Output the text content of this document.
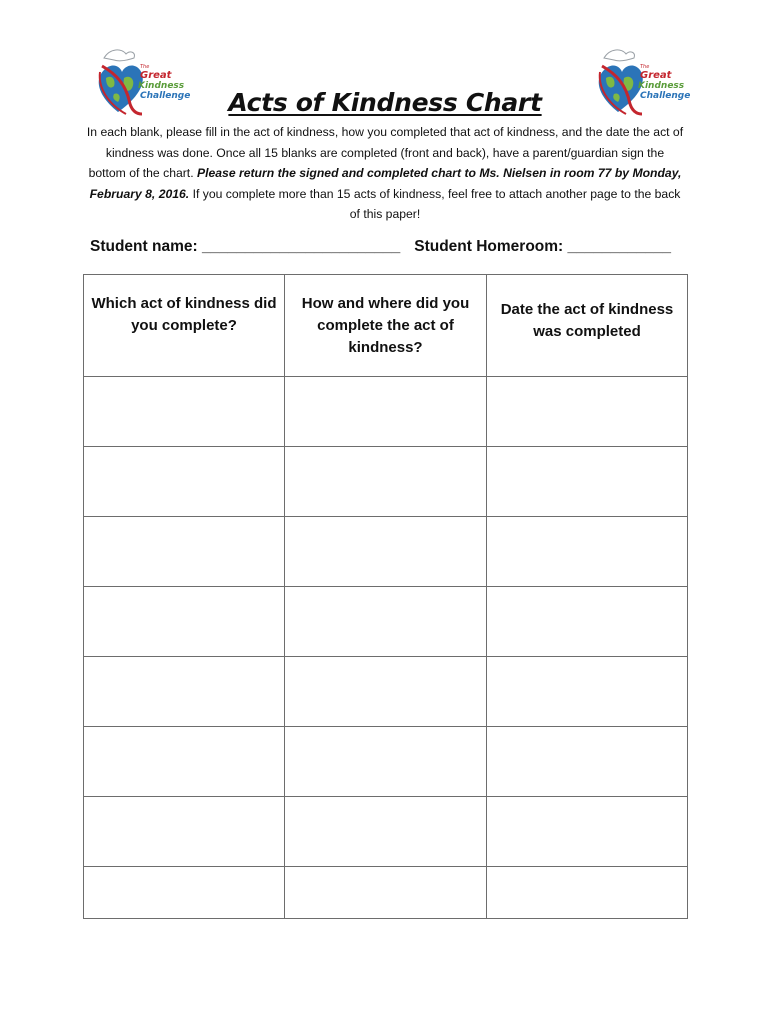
The
Great
Kindness
Challenge
The
Great
Kindness
Challenge
Acts of Kindness Chart
In each blank, please fill in the act of kindness, how you completed that act of kindness, and the date the act of kindness was done. Once all 15 blanks are completed (front and back), have a parent/guardian sign the bottom of the chart. Please return the signed and completed chart to Ms. Nielsen in room 77 by Monday, February 8, 2016. If you complete more than 15 acts of kindness, feel free to attach another page to the back of this paper!
Student name: _______________________ Student Homeroom: ____________
Which act of kindness did you complete?	How and where did you complete the act of kindness?	Date the act of kindness was completed
